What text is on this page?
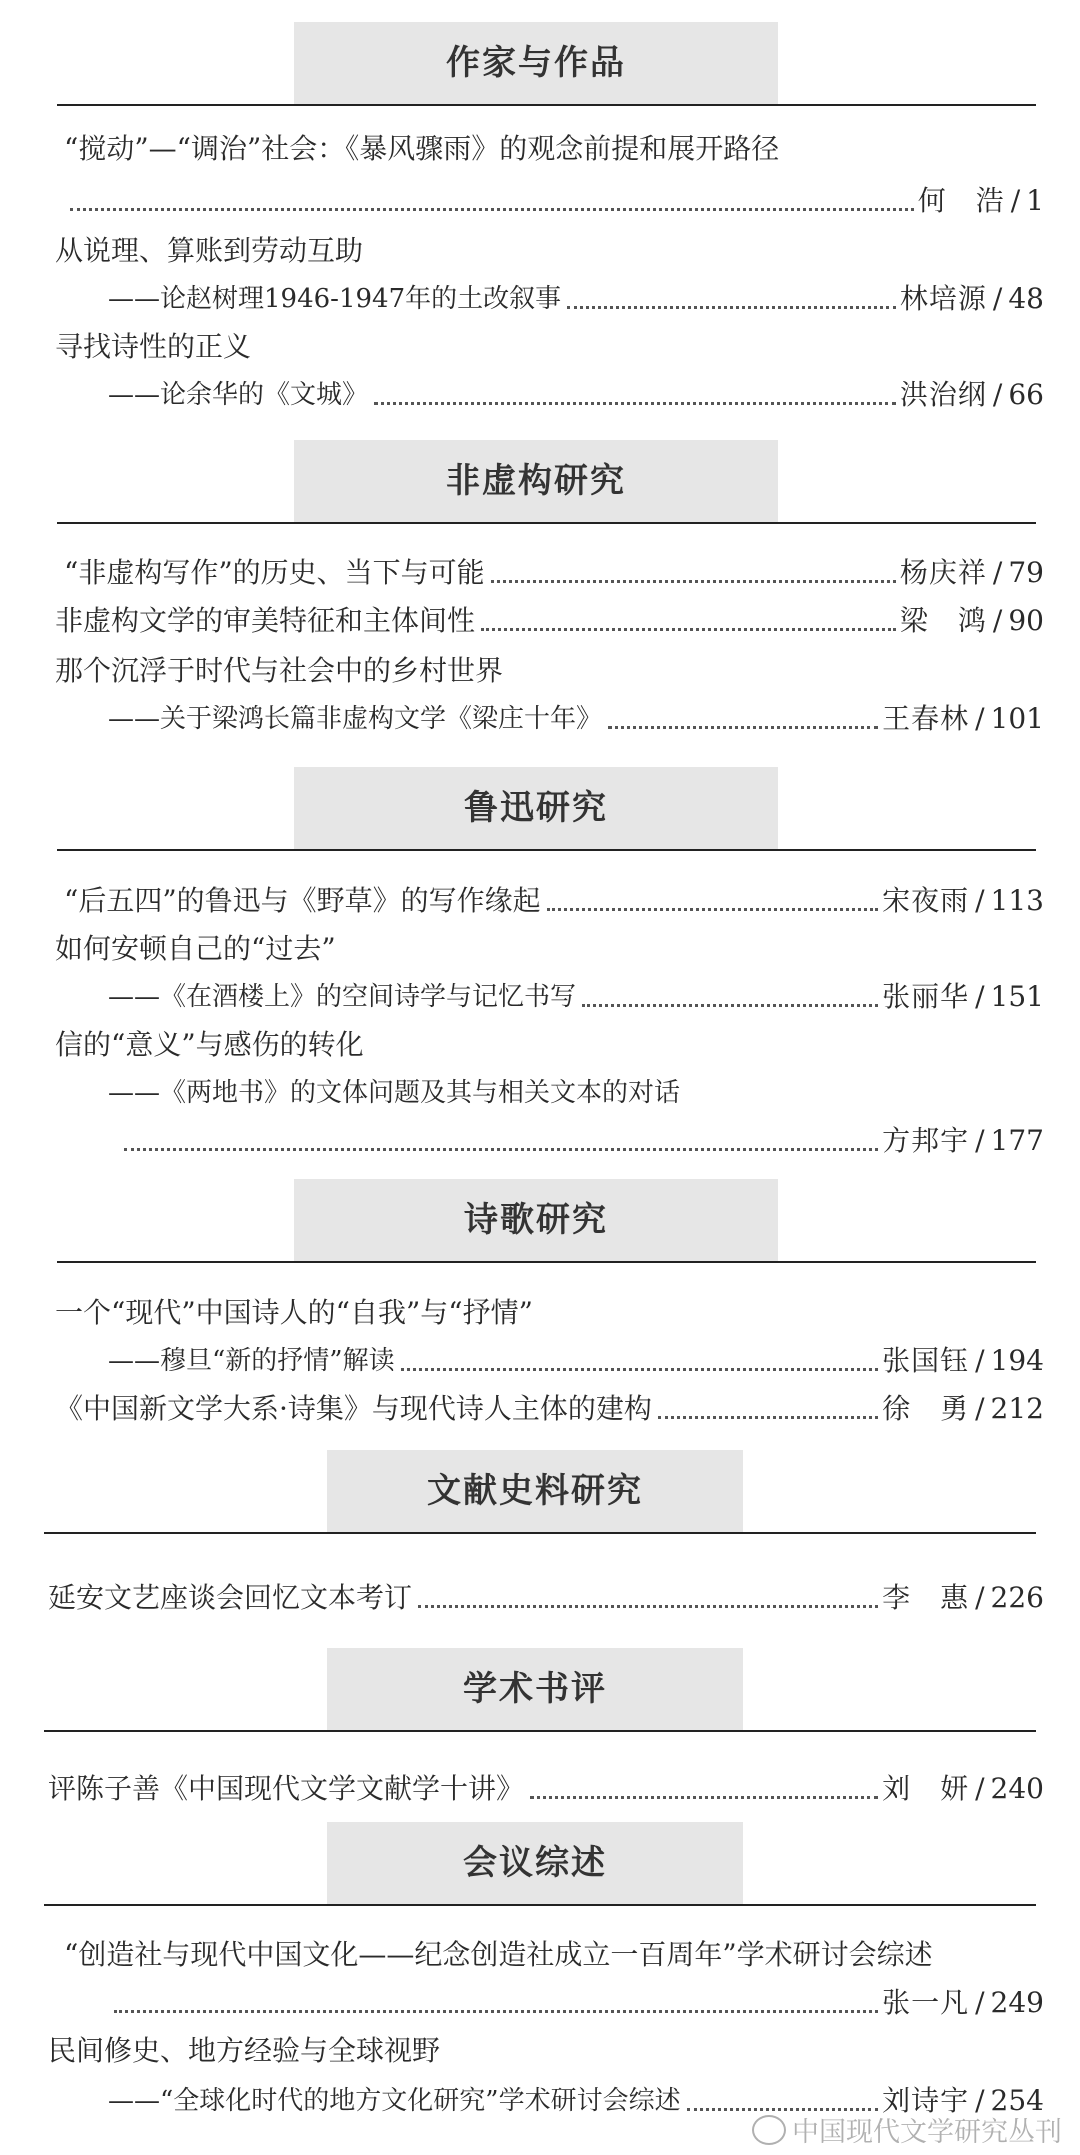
作家与作品
“搅动”—“调治”社会：《暴风骤雨》的观念前提和展开路径
何　浩 / 1
从说理、算账到劳动互助
——论赵树理1946-1947年的土改叙事	林培源 / 48
寻找诗性的正义
——论余华的《文城》	洪治纲 / 66
非虚构研究
“非虚构写作”的历史、当下与可能	杨庆祥 / 79
非虚构文学的审美特征和主体间性	梁　鸿 / 90
那个沉浮于时代与社会中的乡村世界
——关于梁鸿长篇非虚构文学《梁庄十年》	王春林 / 101
鲁迅研究
“后五四”的鲁迅与《野草》的写作缘起	宋夜雨 / 113
如何安顿自己的“过去”
——《在酒楼上》的空间诗学与记忆书写	张丽华 / 151
信的“意义”与感伤的转化
——《两地书》的文体问题及其与相关文本的对话
方邦宇 / 177
诗歌研究
一个“现代”中国诗人的“自我”与“抒情”
——穆旦“新的抒情”解读	张国钰 / 194
《中国新文学大系·诗集》与现代诗人主体的建构	徐　勇 / 212
文献史料研究
延安文艺座谈会回忆文本考订	李　惠 / 226
学术书评
评陈子善《中国现代文学文献学十讲》	刘　妍 / 240
会议综述
“创造社与现代中国文化——纪念创造社成立一百周年”学术研讨会综述
张一凡 / 249
民间修史、地方经验与全球视野
——“全球化时代的地方文化研究”学术研讨会综述	刘诗宇 / 254
中国现代文学研究丛刊
